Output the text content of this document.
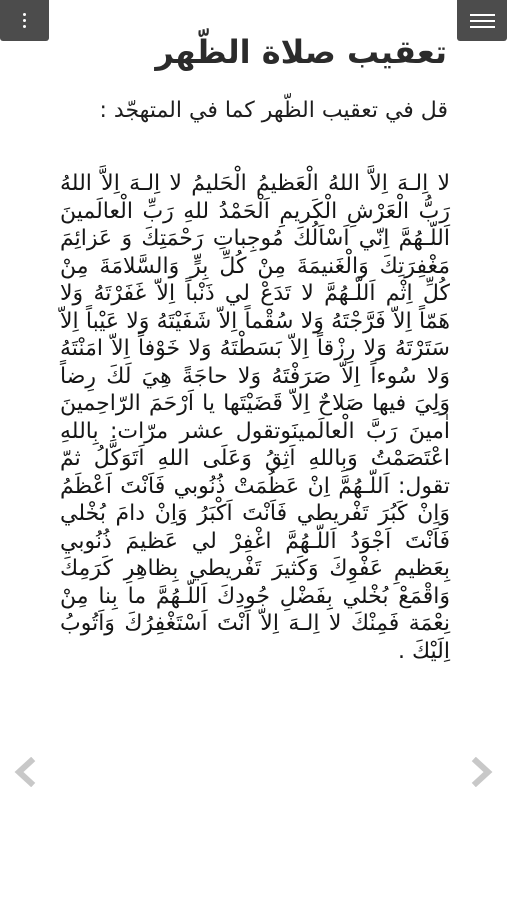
تعقيب صلاة الظّهر
قل في تعقيب الظّهر كما في المتهجّد :
لا اِلـهَ اِلاَّ اللهُ الْعَظيمُ الْحَليمُ لا اِلـهَ اِلاَّ اللهُ رَبُّ الْعَرْشِ الْكَريمِ اَلْحَمْدُ للهِ رَبِّ الْعالَمينَ اَللّـهُمَّ اِنّي اَسْاَلُكَ مُوجِباتِ رَحْمَتِكَ وَ عَزائِمَ مَغْفِرَتِكَ وَالْغَنيمَةَ مِنْ كُلِّ بِرٍّ وَالسَّلامَةَ مِنْ كُلِّ اِثْم اَللّـهُمَّ لا تَدَعْ لي ذَنْباً اِلاّ غَفَرْتَهُ وَلا هَمّاً اِلاّ فَرَّجْتَهُ وَلا سُقْماً اِلاّ شَفَيْتَهُ وَلا عَيْباً اِلاّ سَتَرْتَهُ وَلا رِزْقاً اِلاّ بَسَطْتَهُ وَلا خَوْفاً اِلاّ امَنْتَهُ وَلا سُوءاً اِلاّ صَرَفْتَهُ وَلا حاجَةً هِيَ لَكَ رِضاً وَلِيَ فيها صَلاحٌ اِلاّ قَضَيْتَها يا اَرْحَمَ الرّاحِمينَ اٰمينَ رَبَّ الْعالَمينَوتقول عشر مرّات: بِاللهِ اعْتَصَمْتُ وَبِاللهِ اَثِقُ وَعَلَى اللهِ اَتَوَكَّلُ ثمّ تقول: اَللّـهُمَّ اِنْ عَظُمَتْ ذُنُوبي فَاَنْتَ اَعْظَمُ وَاِنْ كَبُرَ تَفْريطي فَاَنْتَ اَكْبَرُ وَاِنْ دامَ بُخْلي فَاَنْتَ اَجْوَدُ اَللّـهُمَّ اغْفِرْ لي عَظيمَ ذُنُوبي بِعَظيمِ عَفْوِكَ وَكَثيرَ تَفْريطي بِظاهِرِ كَرَمِكَ وَاقْمَعْ بُخْلي بِفَضْلِ جُودِكَ اَللّـهُمَّ ما بِنا مِنْ نِعْمَة فَمِنْكَ لا اِلـهَ اِلاّ اَنْتَ اَسْتَغْفِرُكَ وَاَتُوبُ اِلَيْكَ .
